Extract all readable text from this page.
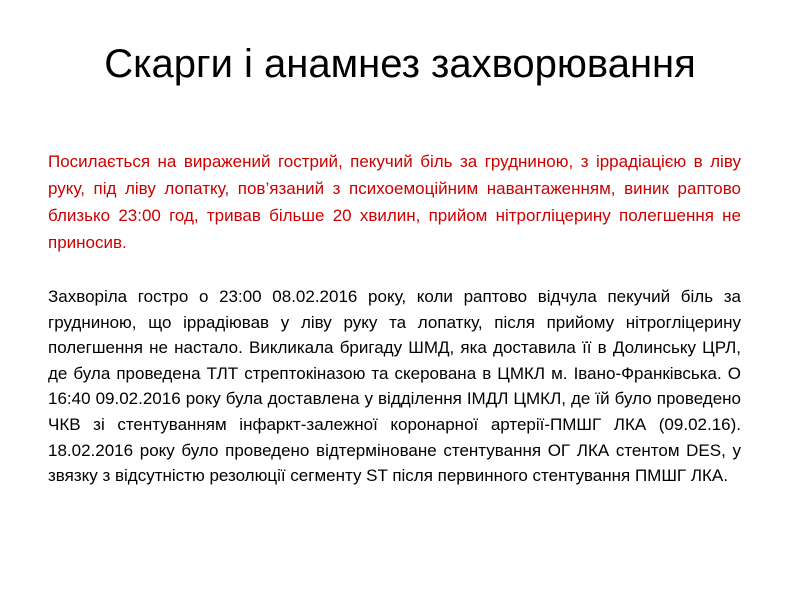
Скарги і анамнез захворювання

Посилається на виражений гострий, пекучий біль за грудниною, з іррадіацією в ліву руку, під ліву лопатку, пов’язаний з психоемоційним навантаженням, виник раптово близько 23:00 год, тривав більше 20 хвилин, прийом нітрогліцерину полегшення не приносив.

Захворіла гостро о 23:00 08.02.2016 року, коли раптово відчула пекучий біль за грудниною, що іррадіював у ліву руку та лопатку, після прийому нітрогліцерину полегшення не настало. Викликала бригаду ШМД, яка доставила її в Долинську ЦРЛ, де була проведена ТЛТ стрептокіназою та скерована в ЦМКЛ м. Івано-Франківська. О 16:40 09.02.2016 року була доставлена у відділення ІМДЛ ЦМКЛ, де їй було проведено ЧКВ зі стентуванням інфаркт-залежної коронарної артерії-ПМШГ ЛКА (09.02.16). 18.02.2016 року було проведено відтерміноване стентування ОГ ЛКА стентом DES, у звязку з відсутністю резолюції сегменту ST після первинного стентування ПМШГ ЛКА.
